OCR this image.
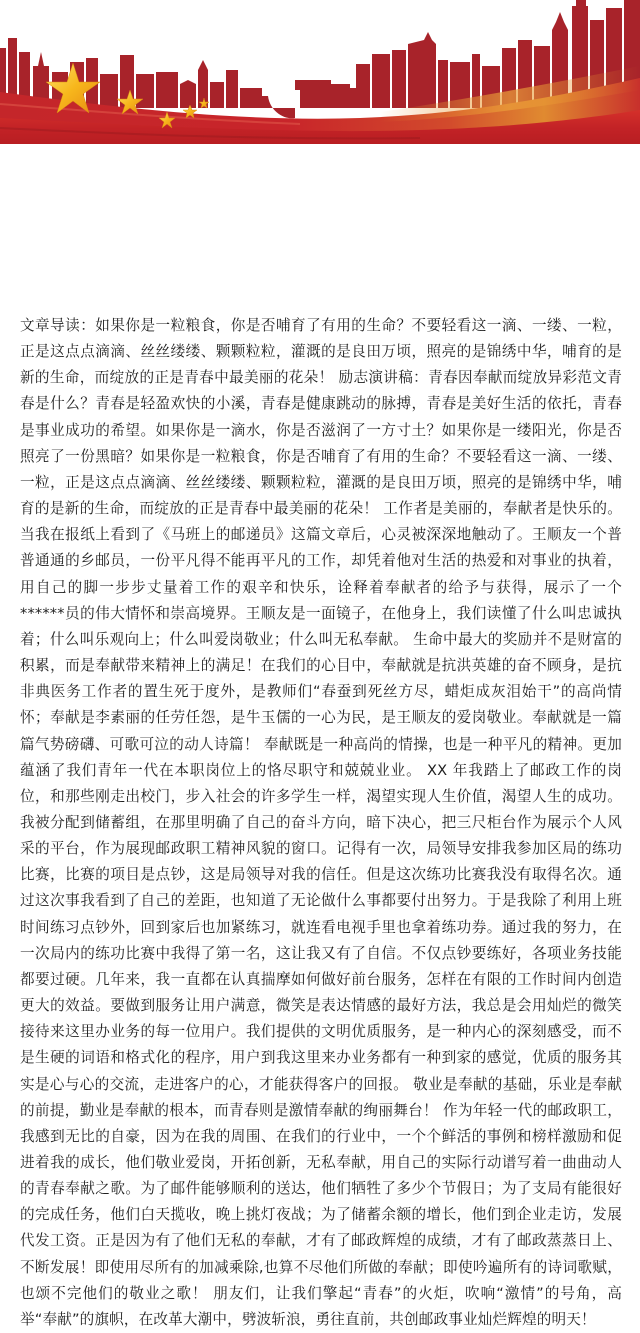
文章导读：如果你是一粒粮食，你是否哺育了有用的生命？不要轻看这一滴、一缕、一粒，正是这点点滴滴、丝丝缕缕、颗颗粒粒，灌溉的是良田万顷，照亮的是锦绣中华，哺育的是新的生命，而绽放的正是青春中最美丽的花朵！ 励志演讲稿：青春因奉献而绽放异彩范文青春是什么？青春是轻盈欢快的小溪，青春是健康跳动的脉搏，青春是美好生活的依托，青春是事业成功的希望。如果你是一滴水，你是否滋润了一方寸土？如果你是一缕阳光，你是否照亮了一份黑暗？如果你是一粒粮食，你是否哺育了有用的生命？不要轻看这一滴、一缕、一粒，正是这点点滴滴、丝丝缕缕、颗颗粒粒，灌溉的是良田万顷，照亮的是锦绣中华，哺育的是新的生命，而绽放的正是青春中最美丽的花朵！ 工作者是美丽的，奉献者是快乐的。当我在报纸上看到了《马班上的邮递员》这篇文章后，心灵被深深地触动了。王顺友一个普普通通的乡邮员，一份平凡得不能再平凡的工作，却凭着他对生活的热爱和对事业的执着，用自己的脚一步步丈量着工作的艰辛和快乐，诠释着奉献者的给予与获得，展示了一个******员的伟大情怀和崇高境界。王顺友是一面镜子，在他身上，我们读懂了什么叫忠诚执着；什么叫乐观向上；什么叫爱岗敬业；什么叫无私奉献。 生命中最大的奖励并不是财富的积累，而是奉献带来精神上的满足！在我们的心目中，奉献就是抗洪英雄的奋不顾身，是抗非典医务工作者的置生死于度外，是教师们“春蚕到死丝方尽，蜡炬成灰泪始干”的高尚情怀；奉献是李素丽的任劳任怨，是牛玉儒的一心为民，是王顺友的爱岗敬业。奉献就是一篇篇气势磅礴、可歌可泣的动人诗篇！ 奉献既是一种高尚的情操，也是一种平凡的精神。更加蕴涵了我们青年一代在本职岗位上的恪尽职守和兢兢业业。 XX 年我踏上了邮政工作的岗位，和那些刚走出校门，步入社会的许多学生一样，渴望实现人生价值，渴望人生的成功。我被分配到储蓄组，在那里明确了自己的奋斗方向，暗下决心，把三尺柜台作为展示个人风采的平台，作为展现邮政职工精神风貌的窗口。记得有一次，局领导安排我参加区局的练功比赛，比赛的项目是点钞，这是局领导对我的信任。但是这次练功比赛我没有取得名次。通过这次事我看到了自己的差距，也知道了无论做什么事都要付出努力。于是我除了利用上班时间练习点钞外，回到家后也加紧练习，就连看电视手里也拿着练功券。通过我的努力，在一次局内的练功比赛中我得了第一名，这让我又有了自信。不仅点钞要练好，各项业务技能都要过硬。几年来，我一直都在认真揣摩如何做好前台服务，怎样在有限的工作时间内创造更大的效益。要做到服务让用户满意，微笑是表达情感的最好方法，我总是会用灿烂的微笑接待来这里办业务的每一位用户。我们提供的文明优质服务，是一种内心的深刻感受，而不是生硬的词语和格式化的程序，用户到我这里来办业务都有一种到家的感觉，优质的服务其实是心与心的交流，走进客户的心，才能获得客户的回报。 敬业是奉献的基础，乐业是奉献的前提，勤业是奉献的根本，而青春则是激情奉献的绚丽舞台！ 作为年轻一代的邮政职工，我感到无比的自豪，因为在我的周围、在我们的行业中，一个个鲜活的事例和榜样激励和促进着我的成长，他们敬业爱岗，开拓创新，无私奉献，用自己的实际行动谱写着一曲曲动人的青春奉献之歌。为了邮件能够顺利的送达，他们牺牲了多少个节假日；为了支局有能很好的完成任务，他们白天揽收，晚上挑灯夜战；为了储蓄余额的增长，他们到企业走访，发展代发工资。正是因为有了他们无私的奉献，才有了邮政辉煌的成绩，才有了邮政蒸蒸日上、不断发展！即使用尽所有的加减乘除,也算不尽他们所做的奉献；即使吟遍所有的诗词歌赋，也颂不完他们的敬业之歌！ 朋友们，让我们擎起“青春”的火炬，吹响“激情”的号角，高举“奉献”的旗帜，在改革大潮中，劈波斩浪，勇往直前，共创邮政事业灿烂辉煌的明天！
